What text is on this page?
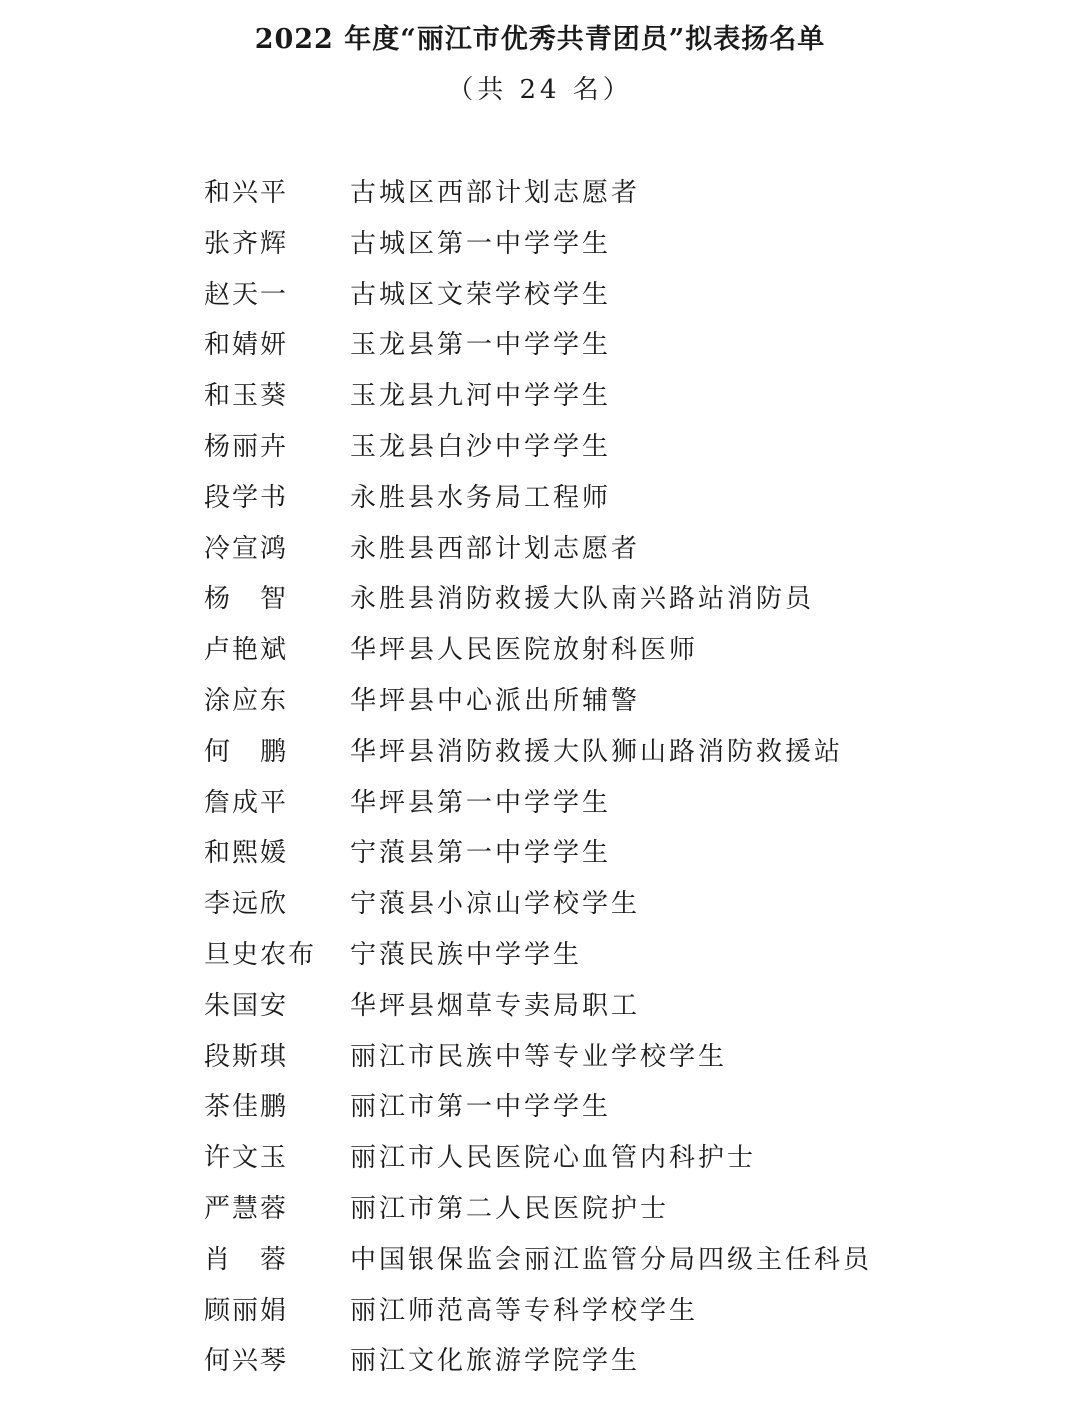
2022 年度“丽江市优秀共青团员”拟表扬名单
（共 24 名）
和兴平 古城区西部计划志愿者
张齐辉 古城区第一中学学生
赵天一 古城区文荣学校学生
和婧妍 玉龙县第一中学学生
和玉葵 玉龙县九河中学学生
杨丽卉 玉龙县白沙中学学生
段学书 永胜县水务局工程师
冷宣鸿 永胜县西部计划志愿者
杨　智 永胜县消防救援大队南兴路站消防员
卢艳斌 华坪县人民医院放射科医师
涂应东 华坪县中心派出所辅警
何　鹏 华坪县消防救援大队狮山路消防救援站
詹成平 华坪县第一中学学生
和熙媛 宁蒗县第一中学学生
李远欣 宁蒗县小凉山学校学生
旦史农布 宁蒗民族中学学生
朱国安 华坪县烟草专卖局职工
段斯琪 丽江市民族中等专业学校学生
茶佳鹏 丽江市第一中学学生
许文玉 丽江市人民医院心血管内科护士
严慧蓉 丽江市第二人民医院护士
肖　蓉 中国银保监会丽江监管分局四级主任科员
顾丽娟 丽江师范高等专科学校学生
何兴琴 丽江文化旅游学院学生
